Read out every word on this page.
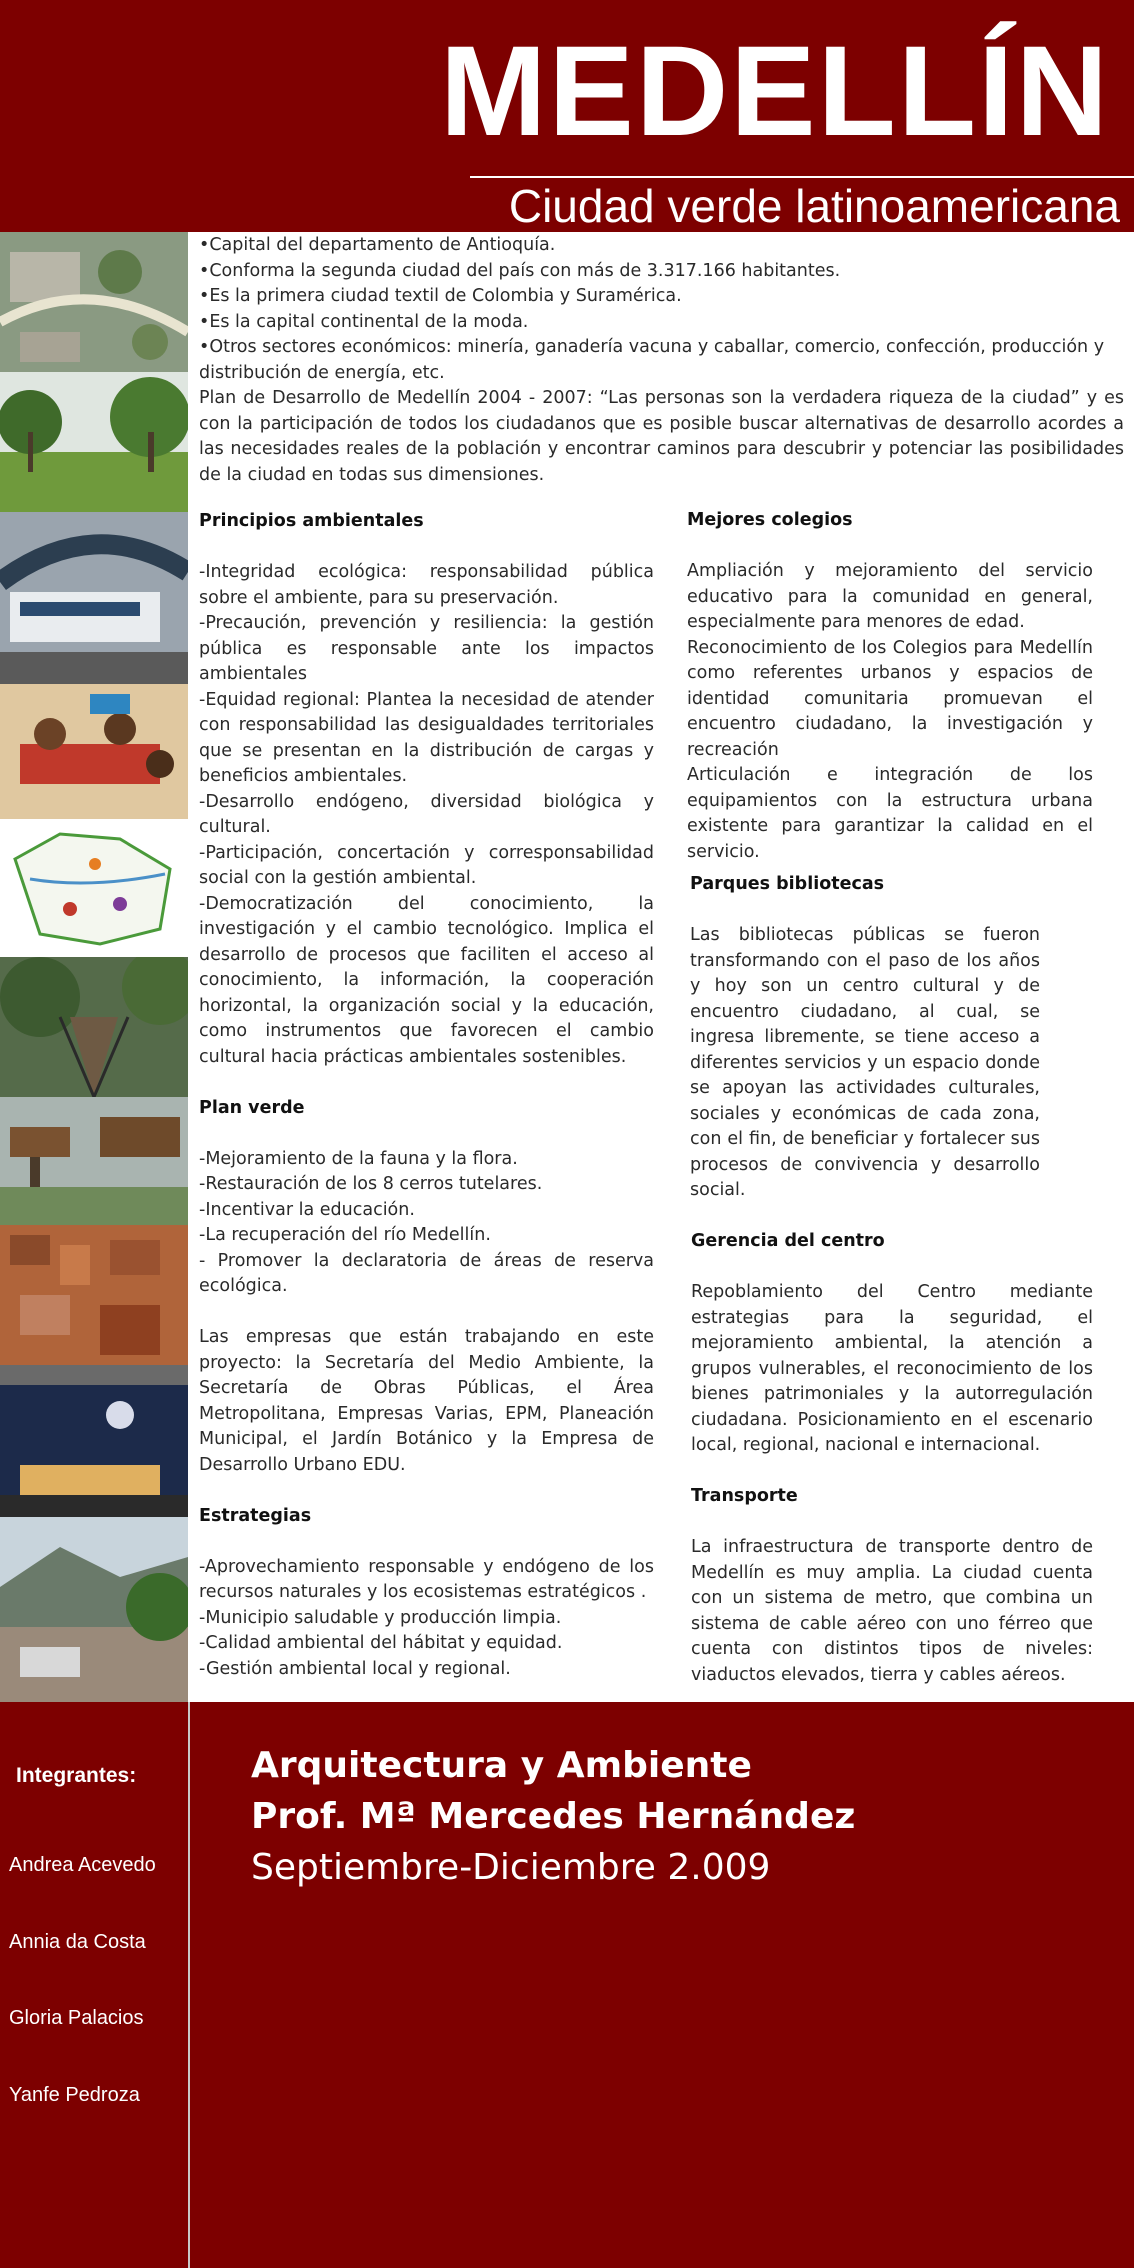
MEDELLÍN
Ciudad verde latinoamericana

•Capital del departamento de Antioquía.

•Conforma la segunda ciudad del país con más de 3.317.166 habitantes.

•Es la primera ciudad textil de Colombia y Suramérica.

•Es la capital continental de la moda.

•Otros sectores económicos: minería, ganadería vacuna y caballar, comercio, confección, producción y distribución de energía, etc.

Plan de Desarrollo de Medellín 2004 - 2007: “Las personas son la verdadera riqueza de la ciudad” y es con la participación de todos los ciudadanos que es posible buscar alternativas de desarrollo acordes a las necesidades reales de la población y encontrar caminos para descubrir y potenciar las posibilidades de la ciudad en todas sus dimensiones.

Principios ambientales

-Integridad ecológica: responsabilidad pública sobre el ambiente, para su preservación.

-Precaución, prevención y resiliencia: la gestión pública es responsable ante los impactos ambientales

-Equidad regional: Plantea la necesidad de atender con responsabilidad las desigualdades territoriales que se presentan en la distribución de cargas y beneficios ambientales.

-Desarrollo endógeno, diversidad biológica y cultural.

-Participación, concertación y corresponsabilidad social con la gestión ambiental.

-Democratización del conocimiento, la investigación y el cambio tecnológico. Implica el desarrollo de procesos que faciliten el acceso al conocimiento, la información, la cooperación horizontal, la organización social y la educación, como instrumentos que favorecen el cambio cultural hacia prácticas ambientales sostenibles.

Plan verde

-Mejoramiento de la fauna y la flora.

-Restauración de los 8 cerros tutelares.

-Incentivar la educación.

-La recuperación del río Medellín.

- Promover la declaratoria de áreas de reserva ecológica.

Las empresas que están trabajando en este proyecto: la Secretaría del Medio Ambiente, la Secretaría de Obras Públicas, el Área Metropolitana, Empresas Varias, EPM, Planeación Municipal, el Jardín Botánico y la Empresa de Desarrollo Urbano EDU.

Estrategias

-Aprovechamiento responsable y endógeno de los recursos naturales y los ecosistemas estratégicos .

-Municipio saludable y producción limpia.

-Calidad ambiental del hábitat y equidad.

-Gestión ambiental local y regional.

Mejores colegios

Ampliación y mejoramiento del servicio educativo para la comunidad en general, especialmente para menores de edad.

Reconocimiento de los Colegios para Medellín como referentes urbanos y espacios de identidad comunitaria promuevan el encuentro ciudadano, la investigación y recreación

Articulación e integración de los equipamientos con la estructura urbana existente para garantizar la calidad en el servicio.

Parques bibliotecas

Las bibliotecas públicas se fueron transformando con el paso de los años y hoy son un centro cultural y de encuentro ciudadano, al cual, se ingresa libremente, se tiene acceso a diferentes servicios y un espacio donde se apoyan las actividades culturales, sociales y económicas de cada zona, con el fin, de beneficiar y fortalecer sus procesos de convivencia y desarrollo social.

Gerencia del centro

Repoblamiento del Centro mediante estrategias para la seguridad, el mejoramiento ambiental, la atención a grupos vulnerables, el reconocimiento de los bienes patrimoniales y la autorregulación ciudadana. Posicionamiento en el escenario local, regional, nacional e internacional.

Transporte

La infraestructura de transporte dentro de Medellín es muy amplia. La ciudad cuenta con un sistema de metro, que combina un sistema de cable aéreo con uno férreo que cuenta con distintos tipos de niveles: viaductos elevados, tierra y cables aéreos.

Integrantes:
Andrea Acevedo
Annia da Costa
Gloria Palacios
Yanfe Pedroza
Arquitectura y Ambiente
Prof. Mª Mercedes Hernández
Septiembre-Diciembre 2.009
